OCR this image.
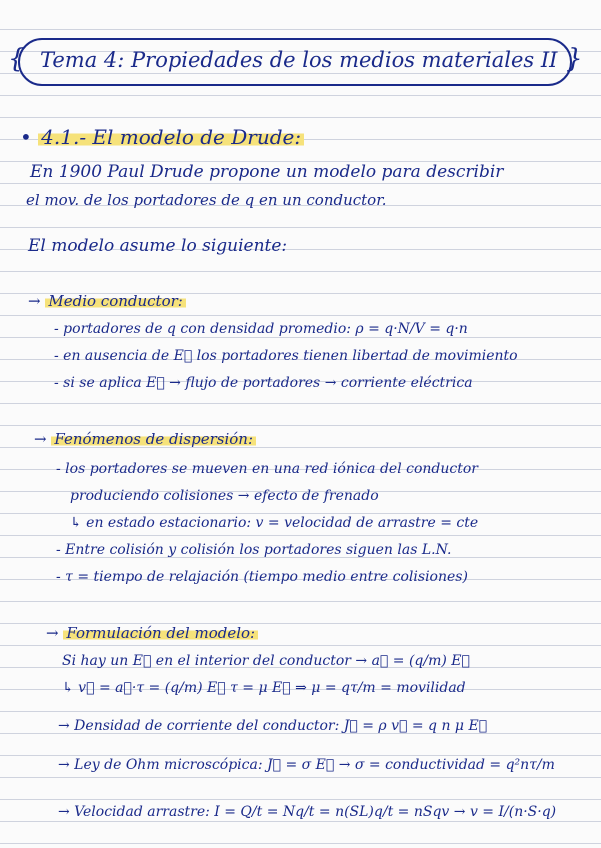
{	}
Tema 4: Propiedades de los medios materiales II
• 4.1.- El modelo de Drude:
En 1900 Paul Drude propone un modelo para describir
el mov. de los portadores de q en un conductor.
El modelo asume lo siguiente:
→ Medio conductor:
- portadores de q con densidad promedio: ρ = q·N/V = q·n
- en ausencia de E⃗ los portadores tienen libertad de movimiento
- si se aplica E⃗ → flujo de portadores → corriente eléctrica
→ Fenómenos de dispersión:
- los portadores se mueven en una red iónica del conductor
produciendo colisiones → efecto de frenado
↳ en estado estacionario: v = velocidad de arrastre = cte
- Entre colisión y colisión los portadores siguen las L.N.
- τ = tiempo de relajación (tiempo medio entre colisiones)
→ Formulación del modelo:
Si hay un E⃗ en el interior del conductor → a⃗ = (q/m) E⃗
↳ v⃗ = a⃗·τ = (q/m) E⃗ τ = μ E⃗ ⇒ μ = qτ/m = movilidad
→ Densidad de corriente del conductor: J⃗ = ρ v⃗ = q n μ E⃗
→ Ley de Ohm microscópica: J⃗ = σ E⃗ → σ = conductividad = q²nτ/m
→ Velocidad arrastre: I = Q/t = Nq/t = n(SL)q/t = nSqv → v = I/(n·S·q)
